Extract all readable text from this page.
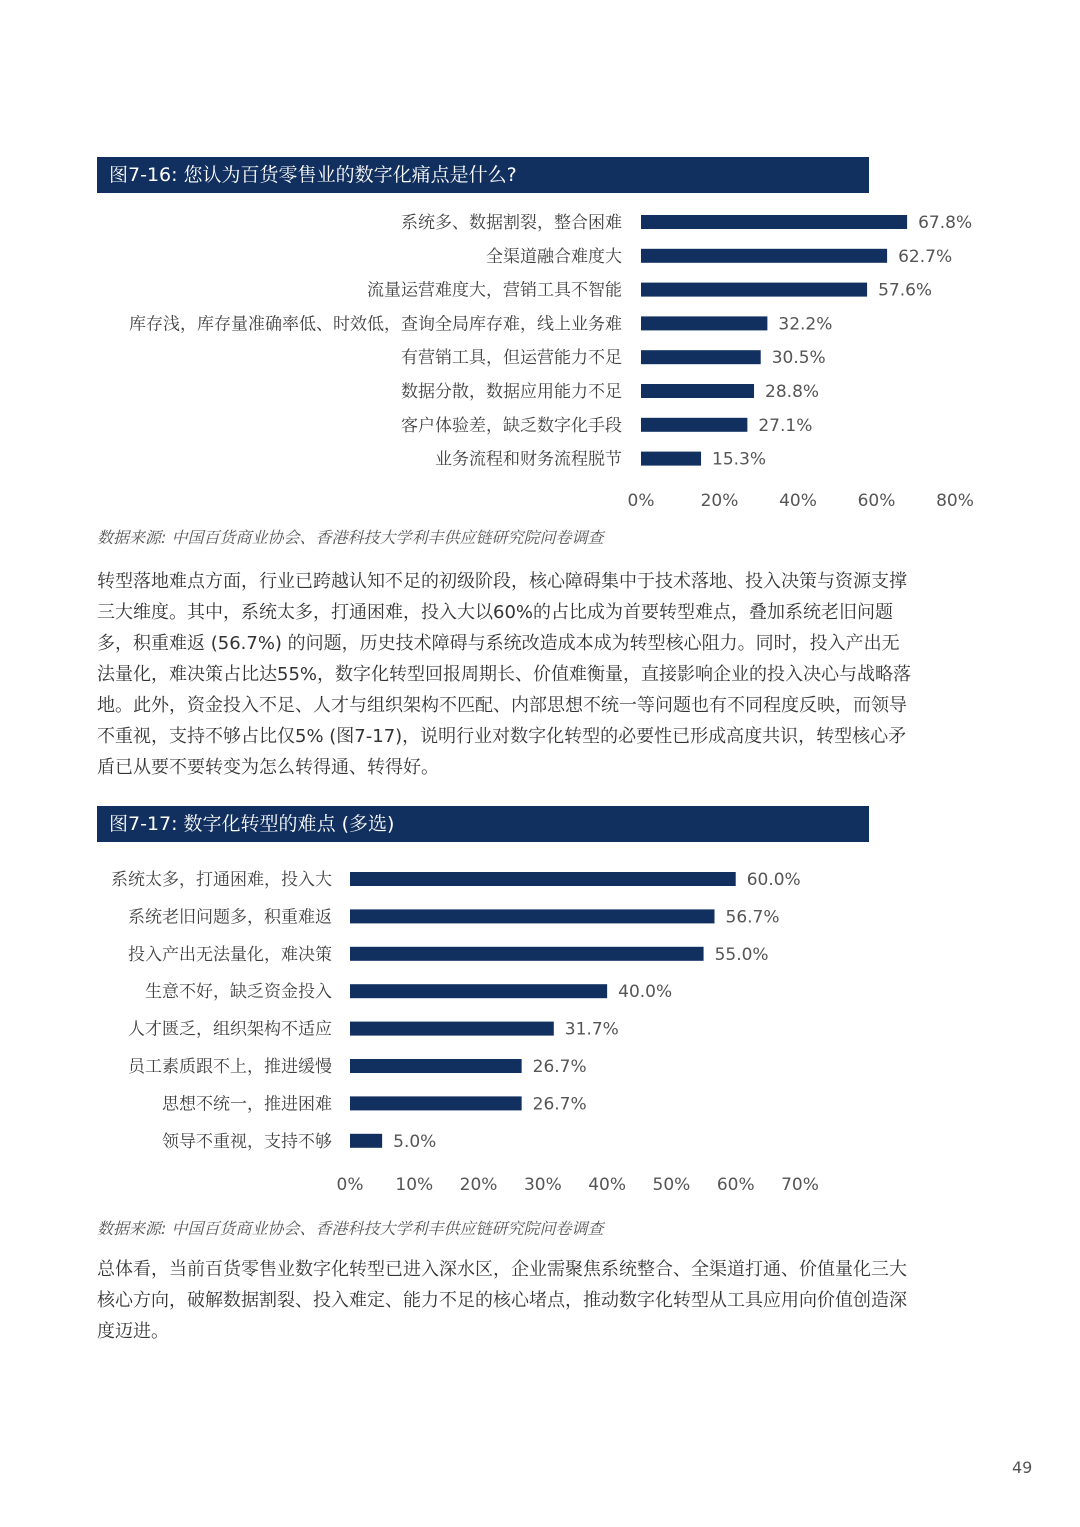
图7-16: 您认为百货零售业的数字化痛点是什么?
系统多、数据割裂，整合困难	67.8%
全渠道融合难度大	62.7%
流量运营难度大，营销工具不智能	57.6%
库存浅，库存量准确率低、时效低，查询全局库存难，线上业务难	32.2%
有营销工具，但运营能力不足	30.5%
数据分散，数据应用能力不足	28.8%
客户体验差，缺乏数字化手段	27.1%
业务流程和财务流程脱节	15.3%
0%	20% 40% 60% 80%
数据来源: 中国百货商业协会、香港科技大学利丰供应链研究院问卷调查

转型落地难点方面，行业已跨越认知不足的初级阶段，核心障碍集中于技术落地、投入决策与资源支撑三大维度。其中，系统太多，打通困难，投入大以60%的占比成为首要转型难点，叠加系统老旧问题多，积重难返 (56.7%) 的问题，历史技术障碍与系统改造成本成为转型核心阻力。同时，投入产出无法量化，难决策占比达55%，数字化转型回报周期长、价值难衡量，直接影响企业的投入决心与战略落地。此外，资金投入不足、人才与组织架构不匹配、内部思想不统一等问题也有不同程度反映，而领导不重视，支持不够占比仅5% (图7-17)，说明行业对数字化转型的必要性已形成高度共识，转型核心矛盾已从要不要转变为怎么转得通、转得好。

图7-17: 数字化转型的难点 (多选)
系统太多，打通困难，投入大	60.0%
系统老旧问题多，积重难返	56.7%
投入产出无法量化，难决策	55.0%
生意不好，缺乏资金投入	40.0%
人才匮乏，组织架构不适应	31.7%
员工素质跟不上，推进缓慢	26.7%
思想不统一，推进困难	26.7%
领导不重视，支持不够	5.0%
0% 10% 20% 30% 40% 50% 60% 70%
数据来源: 中国百货商业协会、香港科技大学利丰供应链研究院问卷调查

总体看，当前百货零售业数字化转型已进入深水区，企业需聚焦系统整合、全渠道打通、价值量化三大核心方向，破解数据割裂、投入难定、能力不足的核心堵点，推动数字化转型从工具应用向价值创造深度迈进。

49
